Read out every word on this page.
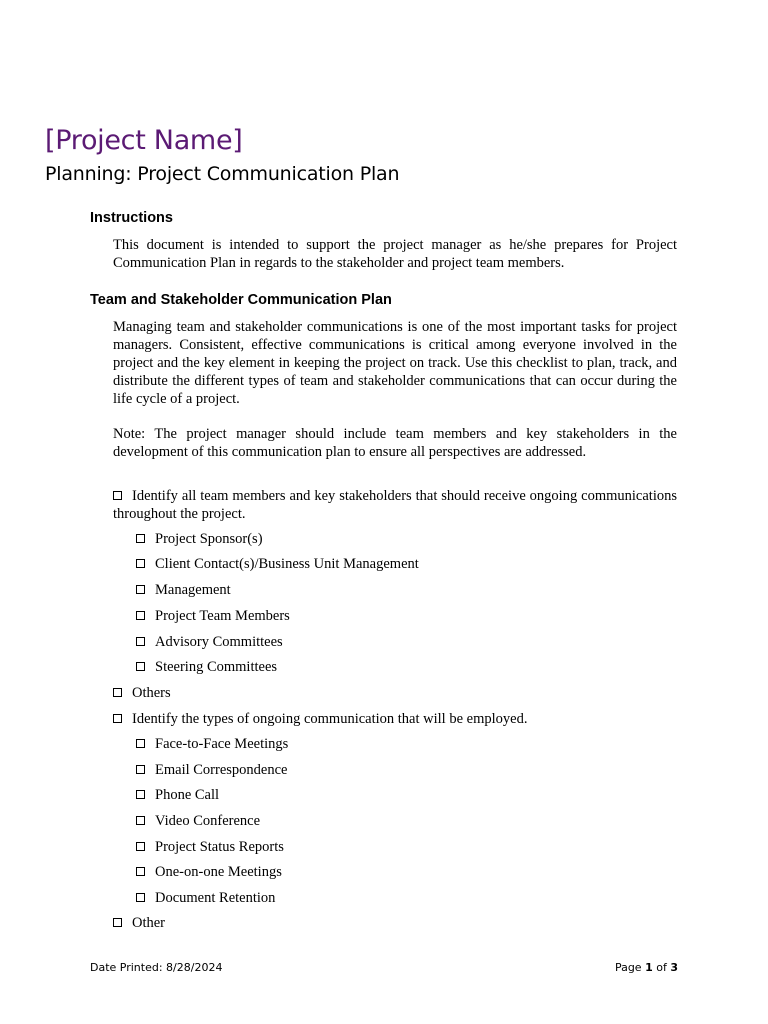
[Project Name]
Planning: Project Communication Plan
Instructions

This document is intended to support the project manager as he/she prepares for Project Communication Plan in regards to the stakeholder and project team members.

Team and Stakeholder Communication Plan

Managing team and stakeholder communications is one of the most important tasks for project managers. Consistent, effective communications is critical among everyone involved in the project and the key element in keeping the project on track. Use this checklist to plan, track, and distribute the different types of team and stakeholder communications that can occur during the life cycle of a project.

Note: The project manager should include team members and key stakeholders in the development of this communication plan to ensure all perspectives are addressed.

Identify all team members and key stakeholders that should receive ongoing communications throughout the project.
Project Sponsor(s)
Client Contact(s)/Business Unit Management
Management
Project Team Members
Advisory Committees
Steering Committees
Others
Identify the types of ongoing communication that will be employed.
Face-to-Face Meetings
Email Correspondence
Phone Call
Video Conference
Project Status Reports
One-on-one Meetings
Document Retention
Other
Date Printed: 8/28/2024	Page 1 of 3
